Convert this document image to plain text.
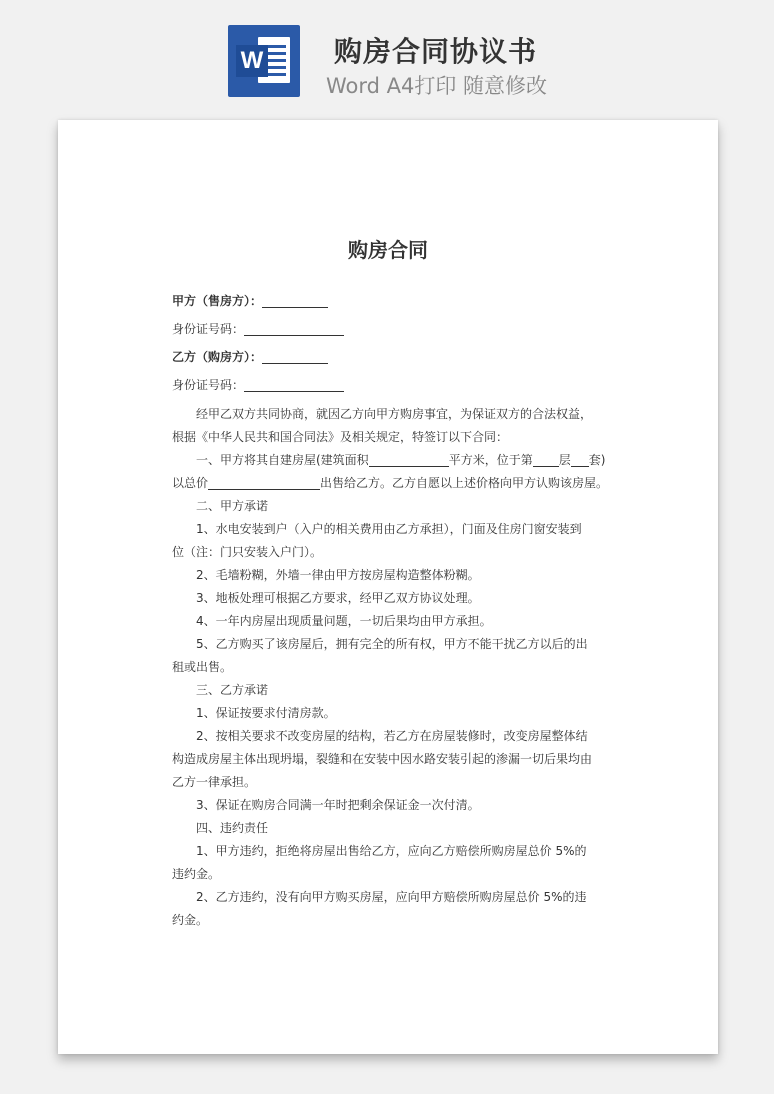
W	购房合同协议书
Word A4打印 随意修改
购房合同
甲方（售房方）：
身份证号码：
乙方（购房方）：
身份证号码：
经甲乙双方共同协商，就因乙方向甲方购房事宜，为保证双方的合法权益，
根据《中华人民共和国合同法》及相关规定，特签订以下合同：
一、甲方将其自建房屋(建筑面积	平方米，位于第 层 套)
以总价	出售给乙方。乙方自愿以上述价格向甲方认购该房屋。
二、甲方承诺
1、水电安装到户（入户的相关费用由乙方承担），门面及住房门窗安装到
位（注：门只安装入户门）。
2、毛墙粉糊，外墙一律由甲方按房屋构造整体粉糊。
3、地板处理可根据乙方要求，经甲乙双方协议处理。
4、一年内房屋出现质量问题，一切后果均由甲方承担。
5、乙方购买了该房屋后，拥有完全的所有权，甲方不能干扰乙方以后的出
租或出售。
三、乙方承诺
1、保证按要求付清房款。
2、按相关要求不改变房屋的结构，若乙方在房屋装修时，改变房屋整体结
构造成房屋主体出现坍塌，裂缝和在安装中因水路安装引起的渗漏一切后果均由
乙方一律承担。
3、保证在购房合同满一年时把剩余保证金一次付清。
四、违约责任
1、甲方违约，拒绝将房屋出售给乙方，应向乙方赔偿所购房屋总价 5%的
违约金。
2、乙方违约，没有向甲方购买房屋，应向甲方赔偿所购房屋总价 5%的违
约金。
